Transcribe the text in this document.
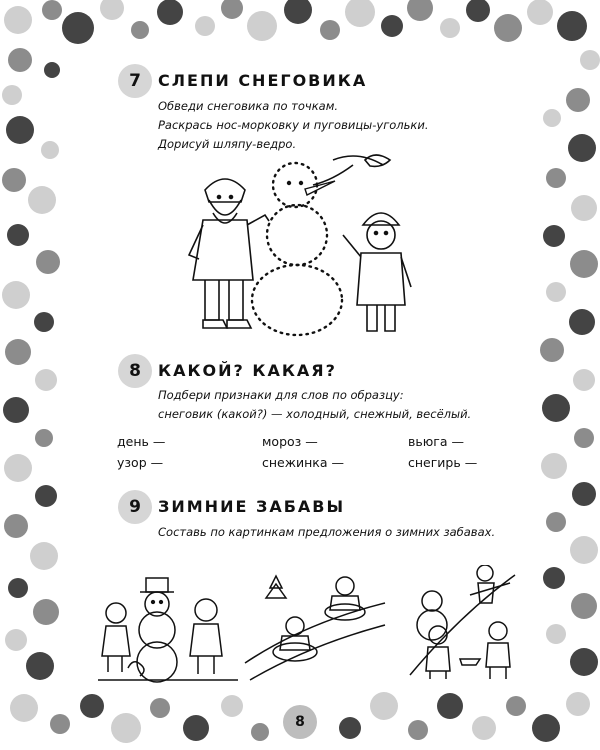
7	СЛЕПИ СНЕГОВИКА
Обведи снеговика по точкам.
Раскрась нос-морковку и пуговицы-угольки.
Дорисуй шляпу-ведро.
8	КАКОЙ? КАКАЯ?
Подбери признаки для слов по образцу:
снеговик (какой?) — холодный, снежный, весёлый.
день —	мороз —	вьюга —
узор —	снежинка —	снегирь —
9	ЗИМНИЕ ЗАБАВЫ
Составь по картинкам предложения о зимних забавах.
8
